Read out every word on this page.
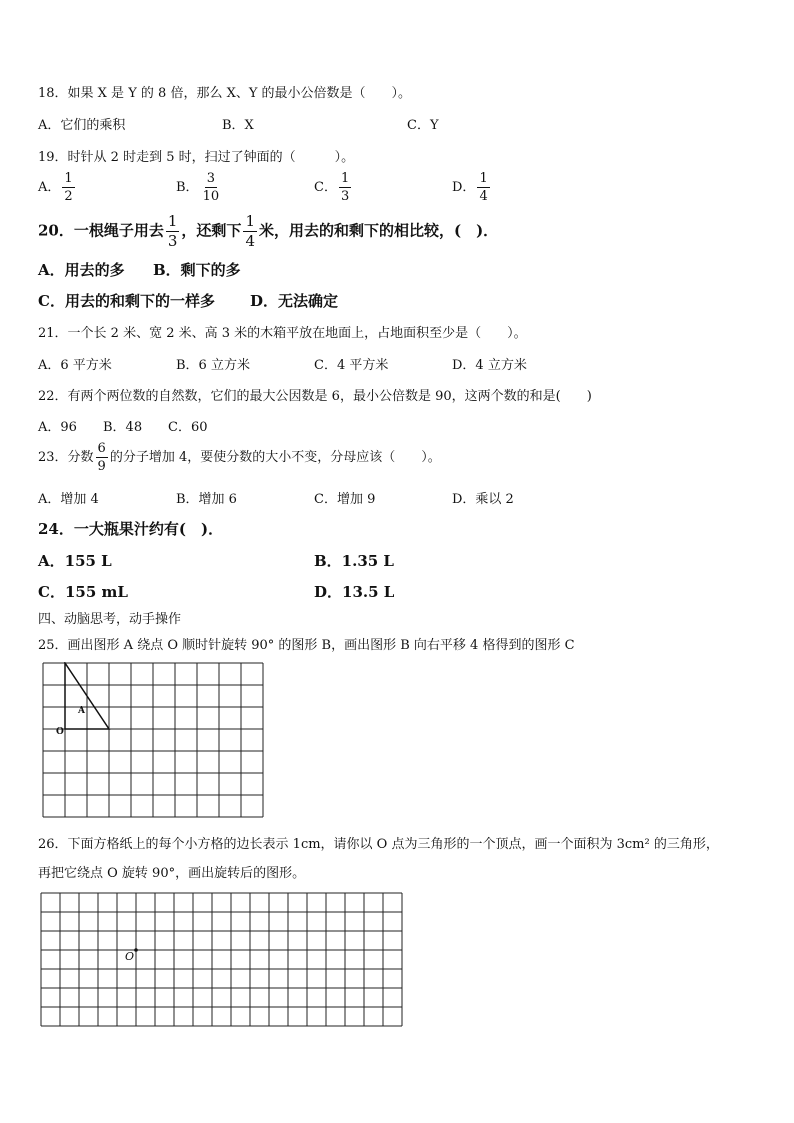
18．如果 X 是 Y 的 8 倍，那么 X、Y 的最小公倍数是（　　）。
A．它们的乘积	B．X	C．Y
19．时针从 2 时走到 5 时，扫过了钟面的（　　　）。
A． $\frac{1}{2}$	B． $\frac{3}{10}$	C． $\frac{1}{3}$	D． $\frac{1}{4}$
20．一根绳子用去 $\frac{1}{3}$ ，还剩下 $\frac{1}{4}$ 米，用去的和剩下的相比较，(　)．
A．用去的多 B．剩下的多
C．用去的和剩下的一样多 D．无法确定
21．一个长 2 米、宽 2 米、高 3 米的木箱平放在地面上，占地面积至少是（　　）。
A．6 平方米	B．6 立方米	C．4 平方米	D．4 立方米
22．有两个两位数的自然数，它们的最大公因数是 6，最小公倍数是 90，这两个数的和是(　　)
A．96 B．48 C．60
23．分数 $\frac{6}{9}$ 的分子增加 4，要使分数的大小不变，分母应该（　　）。
A．增加 4	B．增加 6	C．增加 9	D．乘以 2
24．一大瓶果汁约有(　)．
A．155 L	B．1.35 L
C．155 mL	D．13.5 L
四、动脑思考，动手操作
25．画出图形 A 绕点 O 顺时针旋转 90° 的图形 B，画出图形 B 向右平移 4 格得到的图形 C
A
O
26．下面方格纸上的每个小方格的边长表示 1cm，请你以 O 点为三角形的一个顶点，画一个面积为 3cm² 的三角形，
再把它绕点 O 旋转 90°，画出旋转后的图形。
O
